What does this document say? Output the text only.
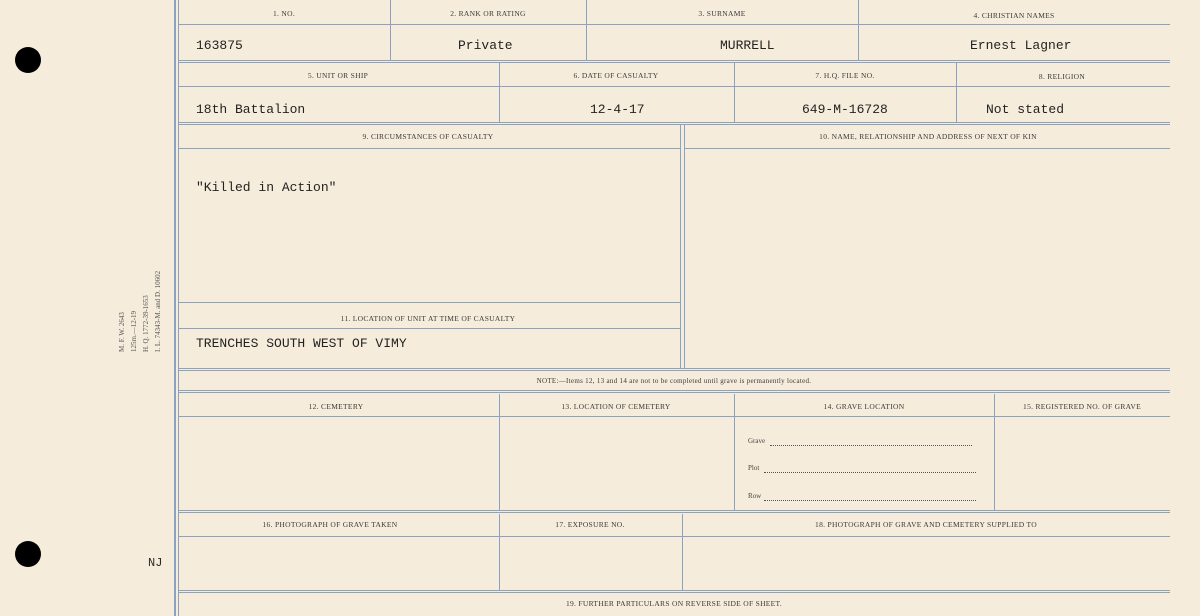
1. NO.	2. RANK OR RATING	3. SURNAME	4. CHRISTIAN NAMES
163875	Private	MURRELL	Ernest Lagner
5. UNIT OR SHIP	6. DATE OF CASUALTY	7. H.Q. FILE NO.	8. RELIGION
18th Battalion	12-4-17	649-M-16728	Not stated
9. CIRCUMSTANCES OF CASUALTY	10. NAME, RELATIONSHIP AND ADDRESS OF NEXT OF KIN
"Killed in Action"
11. LOCATION OF UNIT AT TIME OF CASUALTY
TRENCHES SOUTH WEST OF VIMY
NOTE:—Items 12, 13 and 14 are not to be completed until grave is permanently located.
12. CEMETERY	13. LOCATION OF CEMETERY	14. GRAVE LOCATION	15. REGISTERED NO. OF GRAVE
Grave
Plot
Row
16. PHOTOGRAPH OF GRAVE TAKEN	17. EXPOSURE NO.	18. PHOTOGRAPH OF GRAVE AND CEMETERY SUPPLIED TO
19. FURTHER PARTICULARS ON REVERSE SIDE OF SHEET.
M. F. W. 2643 125m.—12-19 H. Q. 1772-39-1653 I. L. 74343-M. and D. 10602
NJ
